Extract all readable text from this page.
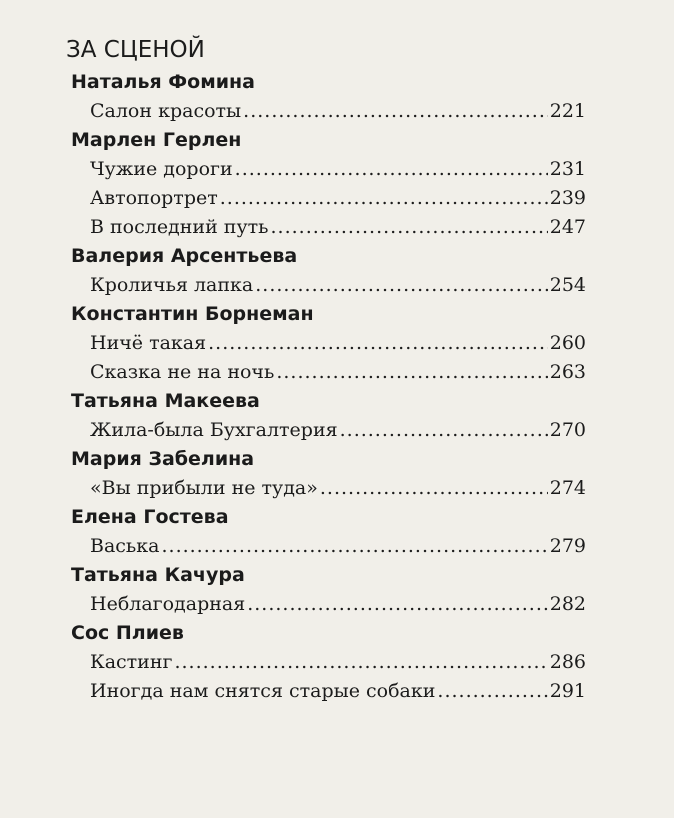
ЗА СЦЕНОЙ
Наталья Фомина
Салон красоты .....	221
Марлен Герлен
Чужие дороги .....	231
Автопортрет .....	239
В последний путь .....	247
Валерия Арсентьева
Кроличья лапка .....	254
Константин Борнеман
Ничё такая .....	260
Сказка не на ночь .....	263
Татьяна Макеева
Жила-была Бухгалтерия .....	270
Мария Забелина
«Вы прибыли не туда» .....	274
Елена Гостева
Васька .....	279
Татьяна Качура
Неблагодарная .....	282
Сос Плиев
Кастинг .....	286
Иногда нам снятся старые собаки .....	291
